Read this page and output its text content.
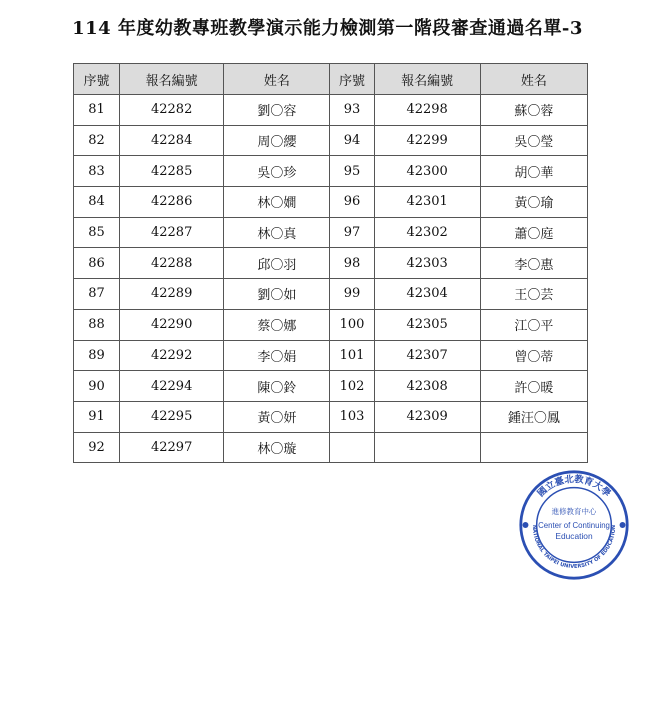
114 年度幼教專班教學演示能力檢測第一階段審查通過名單-3
序號	報名編號	姓名	序號	報名編號	姓名
81	42282	劉〇容	93	42298	蘇〇蓉
82	42284	周〇纓	94	42299	吳〇瑩
83	42285	吳〇珍	95	42300	胡〇華
84	42286	林〇嫺	96	42301	黃〇瑜
85	42287	林〇真	97	42302	蕭〇庭
86	42288	邱〇羽	98	42303	李〇惠
87	42289	劉〇如	99	42304	王〇芸
88	42290	蔡〇娜	100	42305	江〇平
89	42292	李〇娟	101	42307	曾〇蒂
90	42294	陳〇鈴	102	42308	許〇暖
91	42295	黃〇妍	103	42309	鍾汪〇鳳
92	42297	林〇璇			
國立臺北教育大學
NATIONAL TAIPEI UNIVERSITY OF EDUCATION
進修教育中心
Center of Continuing
Education
